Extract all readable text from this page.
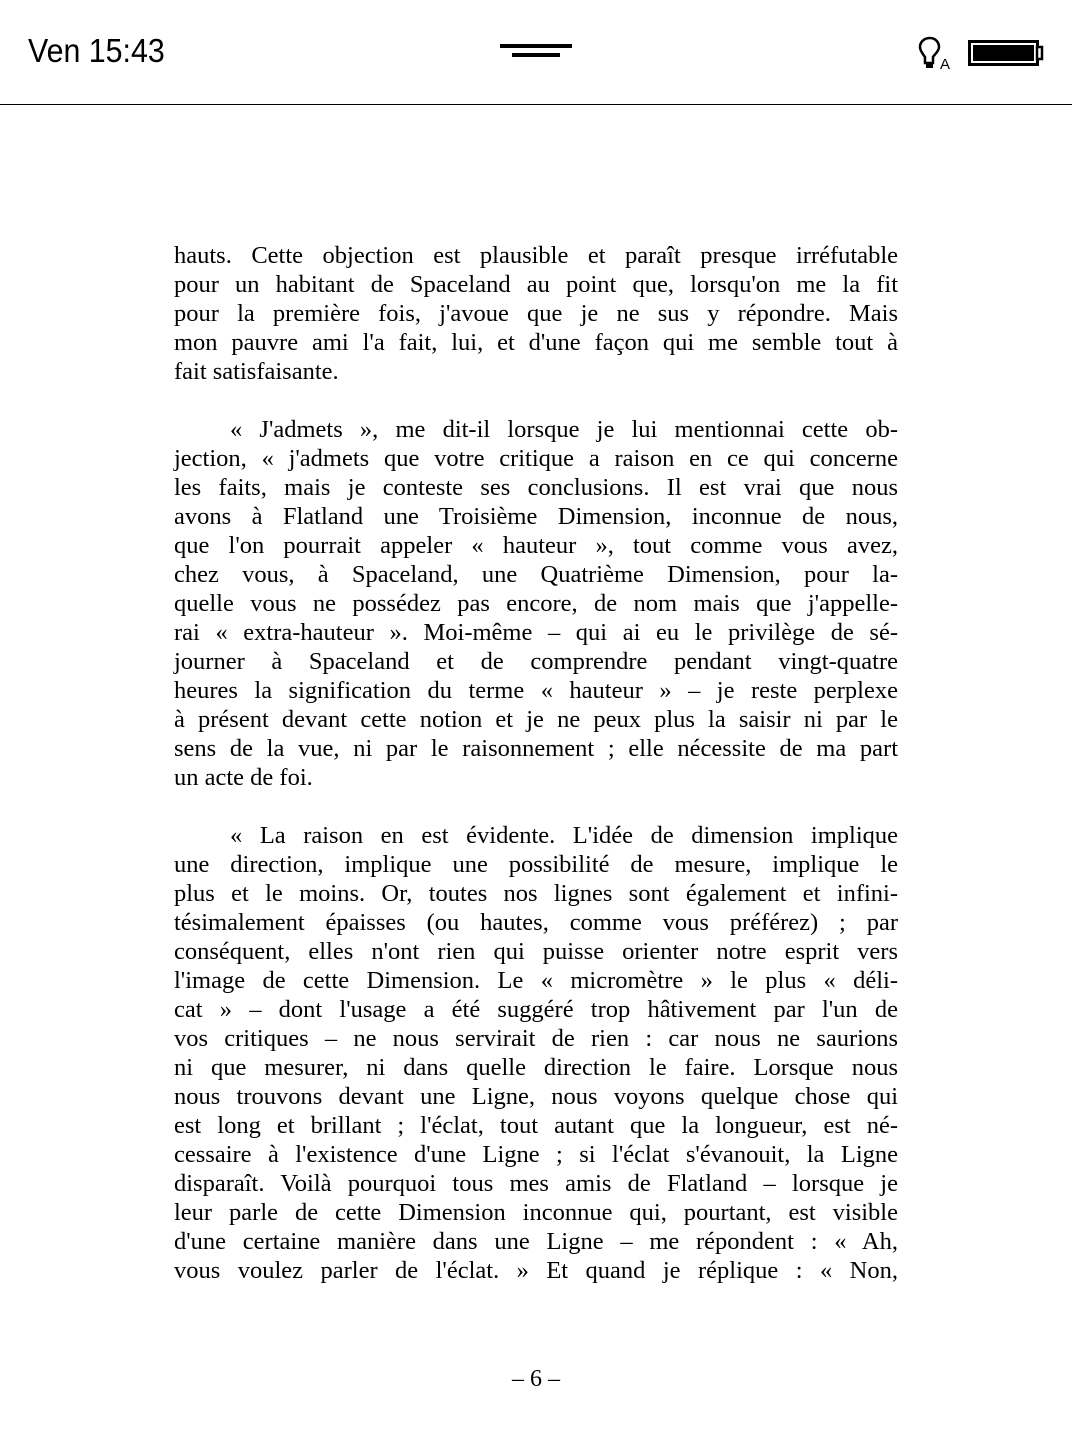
Ven 15:43	A
hauts. Cette objection est plausible et paraît presque irréfutable
pour un habitant de Spaceland au point que, lorsqu'on me la fit
pour la première fois, j'avoue que je ne sus y répondre. Mais
mon pauvre ami l'a fait, lui, et d'une façon qui me semble tout à
fait satisfaisante.
« J'admets », me dit-il lorsque je lui mentionnai cette ob-
jection, « j'admets que votre critique a raison en ce qui concerne
les faits, mais je conteste ses conclusions. Il est vrai que nous
avons à Flatland une Troisième Dimension, inconnue de nous,
que l'on pourrait appeler « hauteur », tout comme vous avez,
chez vous, à Spaceland, une Quatrième Dimension, pour la-
quelle vous ne possédez pas encore, de nom mais que j'appelle-
rai « extra-hauteur ». Moi-même – qui ai eu le privilège de sé-
journer à Spaceland et de comprendre pendant vingt-quatre
heures la signification du terme « hauteur » – je reste perplexe
à présent devant cette notion et je ne peux plus la saisir ni par le
sens de la vue, ni par le raisonnement ; elle nécessite de ma part
un acte de foi.
« La raison en est évidente. L'idée de dimension implique
une direction, implique une possibilité de mesure, implique le
plus et le moins. Or, toutes nos lignes sont également et infini-
tésimalement épaisses (ou hautes, comme vous préférez) ; par
conséquent, elles n'ont rien qui puisse orienter notre esprit vers
l'image de cette Dimension. Le « micromètre » le plus « déli-
cat » – dont l'usage a été suggéré trop hâtivement par l'un de
vos critiques – ne nous servirait de rien : car nous ne saurions
ni que mesurer, ni dans quelle direction le faire. Lorsque nous
nous trouvons devant une Ligne, nous voyons quelque chose qui
est long et brillant ; l'éclat, tout autant que la longueur, est né-
cessaire à l'existence d'une Ligne ; si l'éclat s'évanouit, la Ligne
disparaît. Voilà pourquoi tous mes amis de Flatland – lorsque je
leur parle de cette Dimension inconnue qui, pourtant, est visible
d'une certaine manière dans une Ligne – me répondent : « Ah,
vous voulez parler de l'éclat. » Et quand je réplique : « Non,
– 6 –
